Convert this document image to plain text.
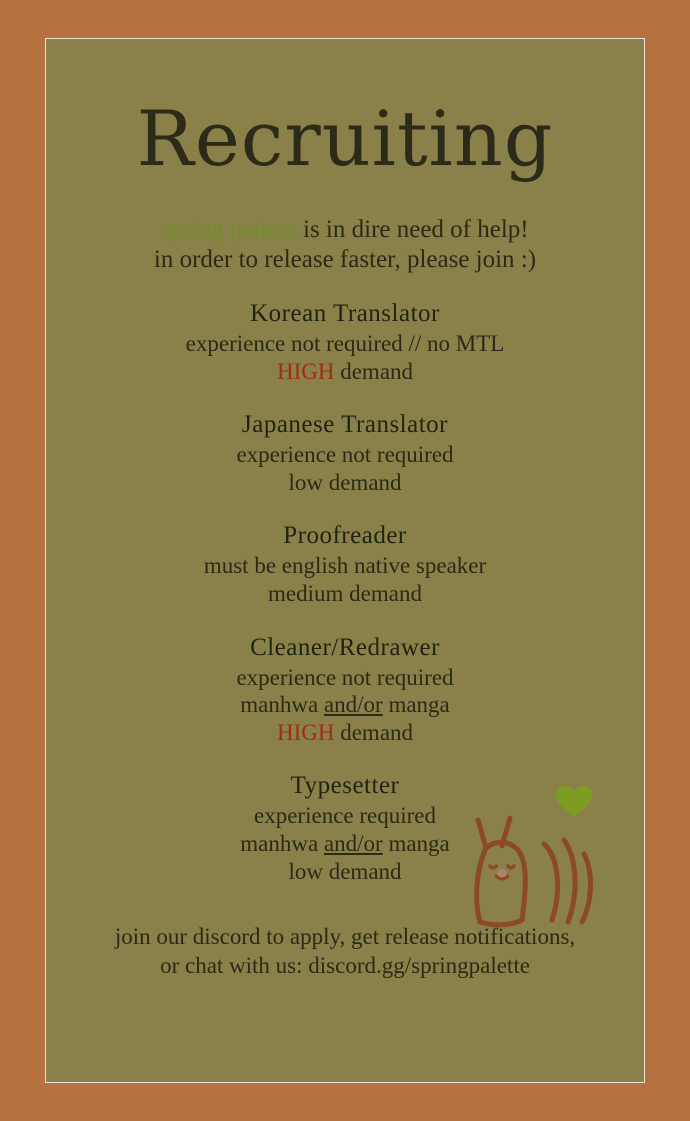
Recruiting
spring palette is in dire need of help!
in order to release faster, please join :)
Korean Translator
experience not required // no MTL
HIGH demand
Japanese Translator
experience not required
low demand
Proofreader
must be english native speaker
medium demand
Cleaner/Redrawer
experience not required
manhwa and/or manga
HIGH demand
Typesetter
experience required
manhwa and/or manga
low demand
join our discord to apply, get release notifications,
or chat with us: discord.gg/springpalette
